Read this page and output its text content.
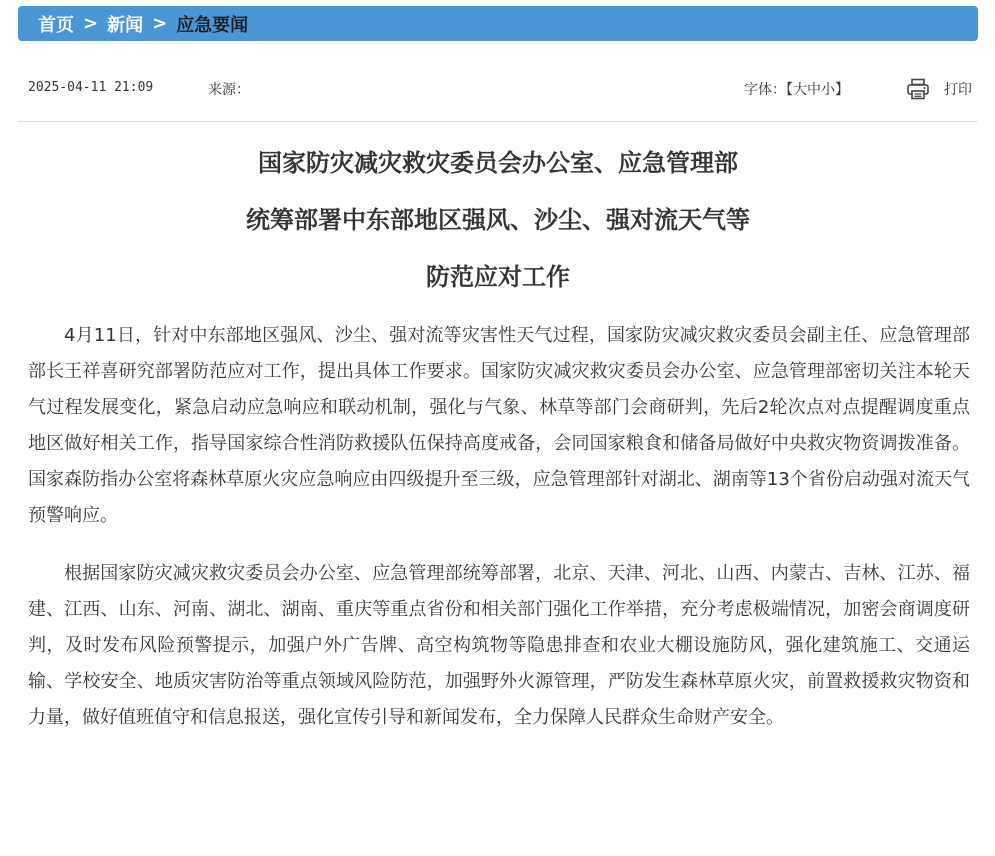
首页 > 新闻 > 应急要闻
2025-04-11 21:09	来源：	字体：【大中小】	打印
国家防灾减灾救灾委员会办公室、应急管理部
统筹部署中东部地区强风、沙尘、强对流天气等
防范应对工作

4月11日，针对中东部地区强风、沙尘、强对流等灾害性天气过程，国家防灾减灾救灾委员会副主任、应急管理部部长王祥喜研究部署防范应对工作，提出具体工作要求。国家防灾减灾救灾委员会办公室、应急管理部密切关注本轮天气过程发展变化，紧急启动应急响应和联动机制，强化与气象、林草等部门会商研判，先后2轮次点对点提醒调度重点地区做好相关工作，指导国家综合性消防救援队伍保持高度戒备，会同国家粮食和储备局做好中央救灾物资调拨准备。国家森防指办公室将森林草原火灾应急响应由四级提升至三级，应急管理部针对湖北、湖南等13个省份启动强对流天气预警响应。

根据国家防灾减灾救灾委员会办公室、应急管理部统筹部署，北京、天津、河北、山西、内蒙古、吉林、江苏、福建、江西、山东、河南、湖北、湖南、重庆等重点省份和相关部门强化工作举措，充分考虑极端情况，加密会商调度研判，及时发布风险预警提示，加强户外广告牌、高空构筑物等隐患排查和农业大棚设施防风，强化建筑施工、交通运输、学校安全、地质灾害防治等重点领域风险防范，加强野外火源管理，严防发生森林草原火灾，前置救援救灾物资和力量，做好值班值守和信息报送，强化宣传引导和新闻发布，全力保障人民群众生命财产安全。
